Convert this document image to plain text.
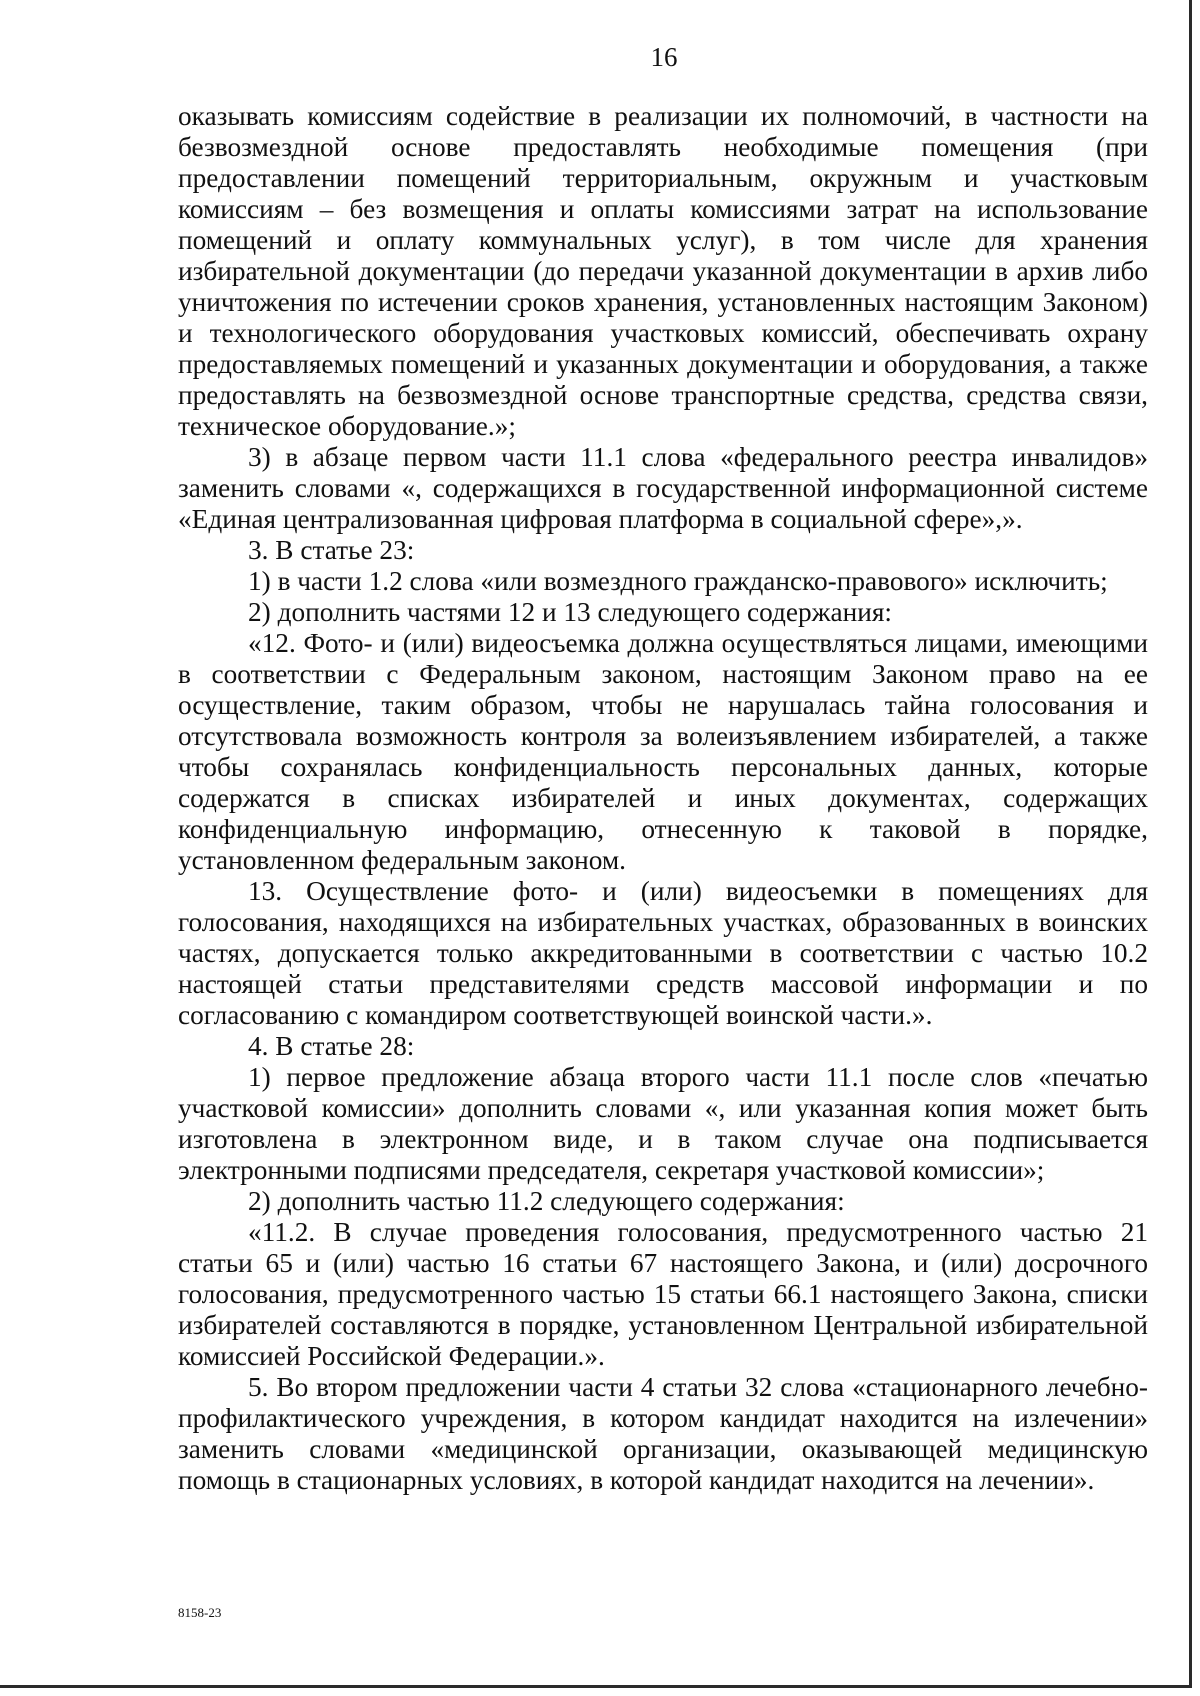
16

оказывать комиссиям содействие в реализации их полномочий, в частности на безвозмездной основе предоставлять необходимые помещения (при предоставлении помещений территориальным, окружным и участковым комиссиям – без возмещения и оплаты комиссиями затрат на использование помещений и оплату коммунальных услуг), в том числе для хранения избирательной документации (до передачи указанной документации в архив либо уничтожения по истечении сроков хранения, установленных настоящим Законом) и технологического оборудования участковых комиссий, обеспечивать охрану предоставляемых помещений и указанных документации и оборудования, а также предоставлять на безвозмездной основе транспортные средства, средства связи, техническое оборудование.»;

3) в абзаце первом части 11.1 слова «федерального реестра инвалидов» заменить словами «, содержащихся в государственной информационной системе «Единая централизованная цифровая платформа в социальной сфере»,».

3. В статье 23:

1) в части 1.2 слова «или возмездного гражданско-правового» исключить;

2) дополнить частями 12 и 13 следующего содержания:

«12. Фото- и (или) видеосъемка должна осуществляться лицами, имеющими в соответствии с Федеральным законом, настоящим Законом право на ее осуществление, таким образом, чтобы не нарушалась тайна голосования и отсутствовала возможность контроля за волеизъявлением избирателей, а также чтобы сохранялась конфиденциальность персональных данных, которые содержатся в списках избирателей и иных документах, содержащих конфиденциальную информацию, отнесенную к таковой в порядке, установленном федеральным законом.

13. Осуществление фото- и (или) видеосъемки в помещениях для голосования, находящихся на избирательных участках, образованных в воинских частях, допускается только аккредитованными в соответствии с частью 10.2 настоящей статьи представителями средств массовой информации и по согласованию с командиром соответствующей воинской части.».

4. В статье 28:

1) первое предложение абзаца второго части 11.1 после слов «печатью участковой комиссии» дополнить словами «, или указанная копия может быть изготовлена в электронном виде, и в таком случае она подписывается электронными подписями председателя, секретаря участковой комиссии»;

2) дополнить частью 11.2 следующего содержания:

«11.2. В случае проведения голосования, предусмотренного частью 21 статьи 65 и (или) частью 16 статьи 67 настоящего Закона, и (или) досрочного голосования, предусмотренного частью 15 статьи 66.1 настоящего Закона, списки избирателей составляются в порядке, установленном Центральной избирательной комиссией Российской Федерации.».

5. Во втором предложении части 4 статьи 32 слова «стационарного лечебно-профилактического учреждения, в котором кандидат находится на излечении» заменить словами «медицинской организации, оказывающей медицинскую помощь в стационарных условиях, в которой кандидат находится на лечении».

8158-23
